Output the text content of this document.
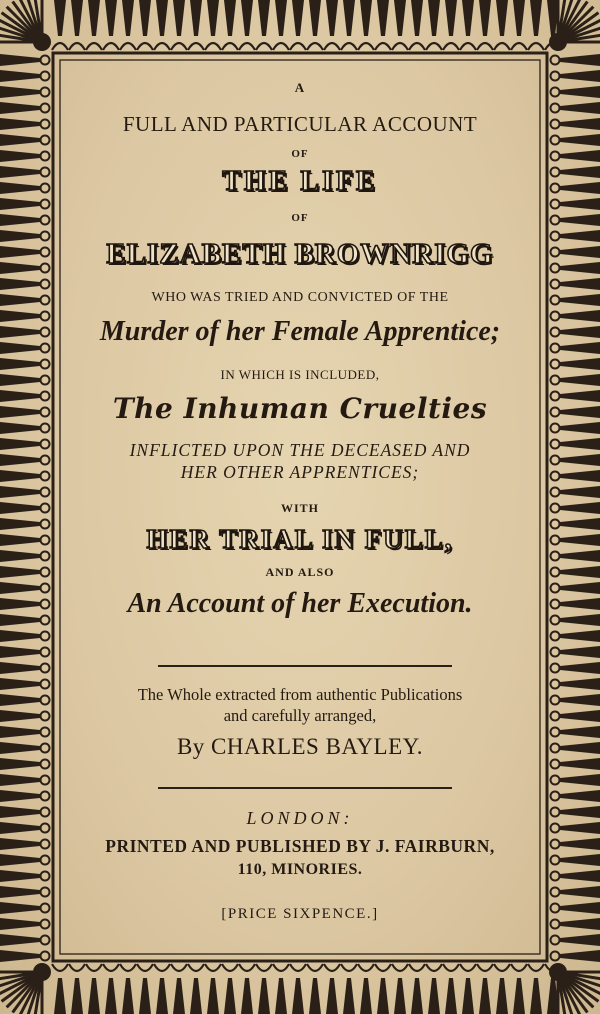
A
FULL AND PARTICULAR ACCOUNT
OF
THE LIFE
OF
ELIZABETH BROWNRIGG
WHO WAS TRIED AND CONVICTED OF THE
Murder of her Female Apprentice;
IN WHICH IS INCLUDED,
The Inhuman Cruelties
INFLICTED UPON THE DECEASED AND
HER OTHER APPRENTICES;
WITH
HER TRIAL IN FULL,
AND ALSO
An Account of her Execution.
The Whole extracted from authentic Publications
and carefully arranged,
By CHARLES BAYLEY.
LONDON:
PRINTED AND PUBLISHED BY J. FAIRBURN,
110, MINORIES.
[PRICE SIXPENCE.]
